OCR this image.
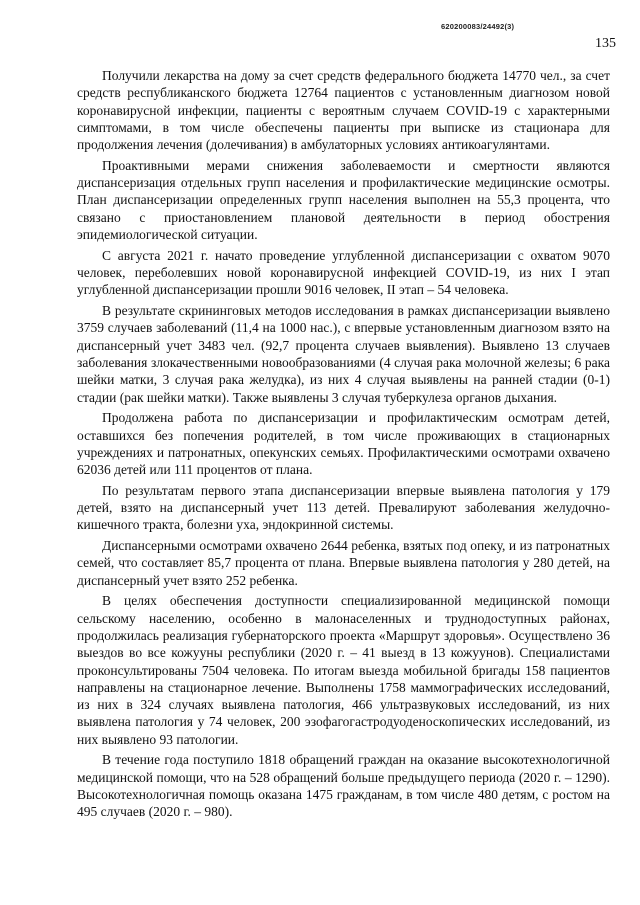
620200083/24492(3)
135

Получили лекарства на дому за счет средств федерального бюджета 14770 чел., за счет средств республиканского бюджета 12764 пациентов с установленным диагнозом новой коронавирусной инфекции, пациенты с вероятным случаем COVID-19 с характерными симптомами, в том числе обеспечены пациенты при выписке из стационара для продолжения лечения (долечивания) в амбулаторных условиях антикоагулянтами.

Проактивными мерами снижения заболеваемости и смертности являются диспансеризация отдельных групп населения и профилактические медицинские осмотры. План диспансеризации определенных групп населения выполнен на 55,3 процента, что связано с приостановлением плановой деятельности в период обострения эпидемиологической ситуации.

С августа 2021 г. начато проведение углубленной диспансеризации с охватом 9070 человек, переболевших новой коронавирусной инфекцией COVID-19, из них I этап углубленной диспансеризации прошли 9016 человек, II этап – 54 человека.

В результате скрининговых методов исследования в рамках диспансеризации выявлено 3759 случаев заболеваний (11,4 на 1000 нас.), с впервые установленным диагнозом взято на диспансерный учет 3483 чел. (92,7 процента случаев выявления). Выявлено 13 случаев заболевания злокачественными новообразованиями (4 случая рака молочной железы; 6 рака шейки матки, 3 случая рака желудка), из них 4 случая выявлены на ранней стадии (0-1) стадии (рак шейки матки). Также выявлены 3 случая туберкулеза органов дыхания.

Продолжена работа по диспансеризации и профилактическим осмотрам детей, оставшихся без попечения родителей, в том числе проживающих в стационарных учреждениях и патронатных, опекунских семьях. Профилактическими осмотрами охвачено 62036 детей или 111 процентов от плана.

По результатам первого этапа диспансеризации впервые выявлена патология у 179 детей, взято на диспансерный учет 113 детей. Превалируют заболевания желудочно-кишечного тракта, болезни уха, эндокринной системы.

Диспансерными осмотрами охвачено 2644 ребенка, взятых под опеку, и из патронатных семей, что составляет 85,7 процента от плана. Впервые выявлена патология у 280 детей, на диспансерный учет взято 252 ребенка.

В целях обеспечения доступности специализированной медицинской помощи сельскому населению, особенно в малонаселенных и труднодоступных районах, продолжилась реализация губернаторского проекта «Маршрут здоровья». Осуществлено 36 выездов во все кожууны республики (2020 г. – 41 выезд в 13 кожуунов). Специалистами проконсультированы 7504 человека. По итогам выезда мобильной бригады 158 пациентов направлены на стационарное лечение. Выполнены 1758 маммографических исследований, из них в 324 случаях выявлена патология, 466 ультразвуковых исследований, из них выявлена патология у 74 человек, 200 эзофагогастродуоденоскопических исследований, из них выявлено 93 патологии.

В течение года поступило 1818 обращений граждан на оказание высокотехнологичной медицинской помощи, что на 528 обращений больше предыдущего периода (2020 г. – 1290). Высокотехнологичная помощь оказана 1475 гражданам, в том числе 480 детям, с ростом на 495 случаев (2020 г. – 980).
